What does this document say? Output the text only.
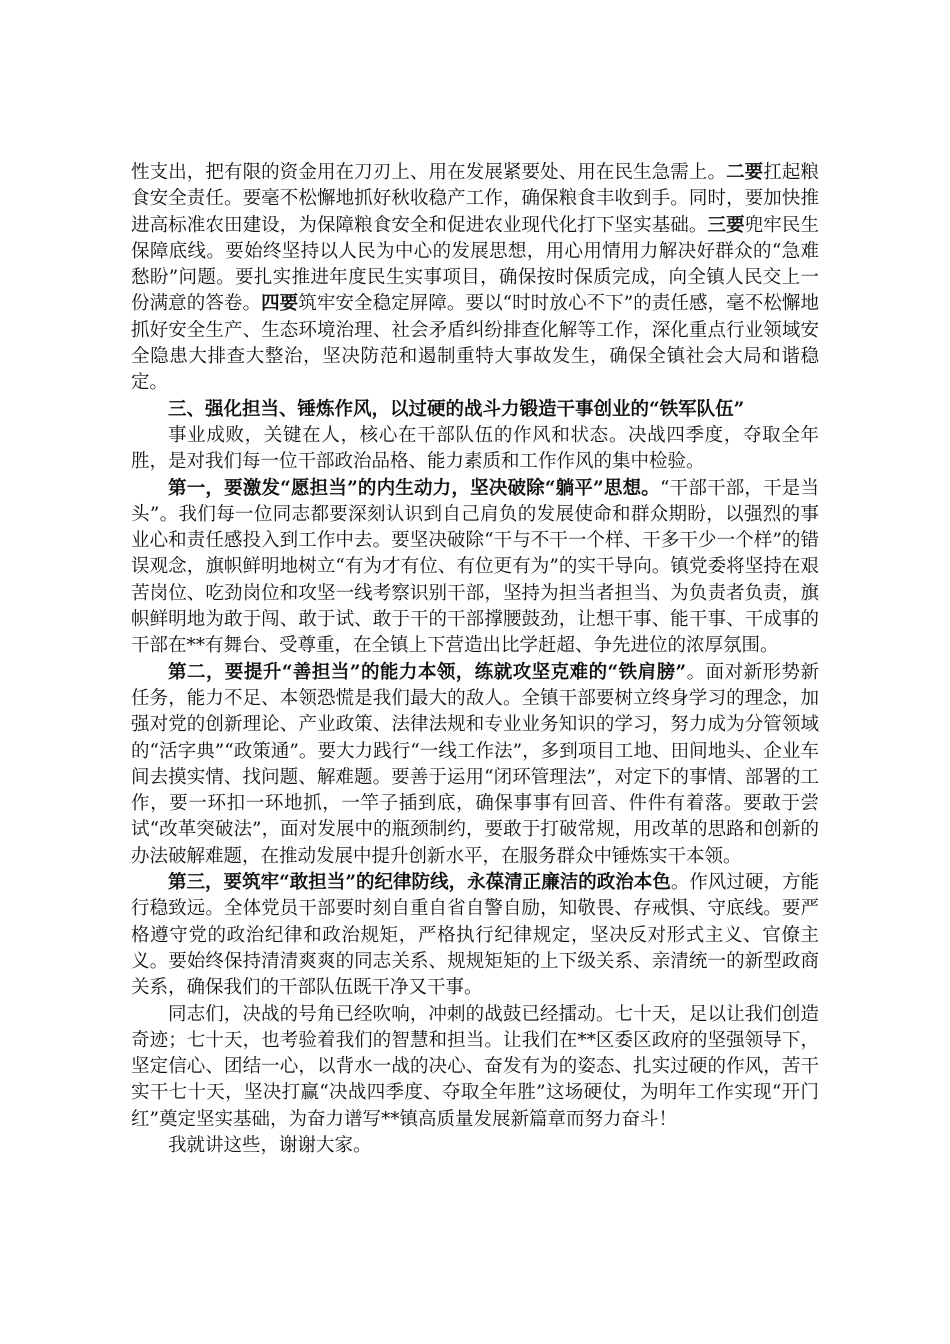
性支出，把有限的资金用在刀刃上、用在发展紧要处、用在民生急需上。二要扛起粮食安全责任。要毫不松懈地抓好秋收稳产工作，确保粮食丰收到手。同时，要加快推进高标准农田建设，为保障粮食安全和促进农业现代化打下坚实基础。三要兜牢民生保障底线。要始终坚持以人民为中心的发展思想，用心用情用力解决好群众的“急难愁盼”问题。要扎实推进年度民生实事项目，确保按时保质完成，向全镇人民交上一份满意的答卷。四要筑牢安全稳定屏障。要以“时时放心不下”的责任感，毫不松懈地抓好安全生产、生态环境治理、社会矛盾纠纷排查化解等工作，深化重点行业领域安全隐患大排查大整治，坚决防范和遏制重特大事故发生，确保全镇社会大局和谐稳定。

三、强化担当、锤炼作风，以过硬的战斗力锻造干事创业的“铁军队伍”

事业成败，关键在人，核心在干部队伍的作风和状态。决战四季度，夺取全年胜，是对我们每一位干部政治品格、能力素质和工作作风的集中检验。

第一，要激发“愿担当”的内生动力，坚决破除“躺平”思想。“干部干部，干是当头”。我们每一位同志都要深刻认识到自己肩负的发展使命和群众期盼，以强烈的事业心和责任感投入到工作中去。要坚决破除“干与不干一个样、干多干少一个样”的错误观念，旗帜鲜明地树立“有为才有位、有位更有为”的实干导向。镇党委将坚持在艰苦岗位、吃劲岗位和攻坚一线考察识别干部，坚持为担当者担当、为负责者负责，旗帜鲜明地为敢于闯、敢于试、敢于干的干部撑腰鼓劲，让想干事、能干事、干成事的干部在**有舞台、受尊重，在全镇上下营造出比学赶超、争先进位的浓厚氛围。

第二，要提升“善担当”的能力本领，练就攻坚克难的“铁肩膀”。面对新形势新任务，能力不足、本领恐慌是我们最大的敌人。全镇干部要树立终身学习的理念，加强对党的创新理论、产业政策、法律法规和专业业务知识的学习，努力成为分管领域的“活字典”“政策通”。要大力践行“一线工作法”，多到项目工地、田间地头、企业车间去摸实情、找问题、解难题。要善于运用“闭环管理法”，对定下的事情、部署的工作，要一环扣一环地抓，一竿子插到底，确保事事有回音、件件有着落。要敢于尝试“改革突破法”，面对发展中的瓶颈制约，要敢于打破常规，用改革的思路和创新的办法破解难题，在推动发展中提升创新水平，在服务群众中锤炼实干本领。

第三，要筑牢“敢担当”的纪律防线，永葆清正廉洁的政治本色。作风过硬，方能行稳致远。全体党员干部要时刻自重自省自警自励，知敬畏、存戒惧、守底线。要严格遵守党的政治纪律和政治规矩，严格执行纪律规定，坚决反对形式主义、官僚主义。要始终保持清清爽爽的同志关系、规规矩矩的上下级关系、亲清统一的新型政商关系，确保我们的干部队伍既干净又干事。

同志们，决战的号角已经吹响，冲刺的战鼓已经擂动。七十天，足以让我们创造奇迹；七十天，也考验着我们的智慧和担当。让我们在**区委区政府的坚强领导下，坚定信心、团结一心，以背水一战的决心、奋发有为的姿态、扎实过硬的作风，苦干实干七十天，坚决打赢“决战四季度、夺取全年胜”这场硬仗，为明年工作实现“开门红”奠定坚实基础，为奋力谱写**镇高质量发展新篇章而努力奋斗！

我就讲这些，谢谢大家。
